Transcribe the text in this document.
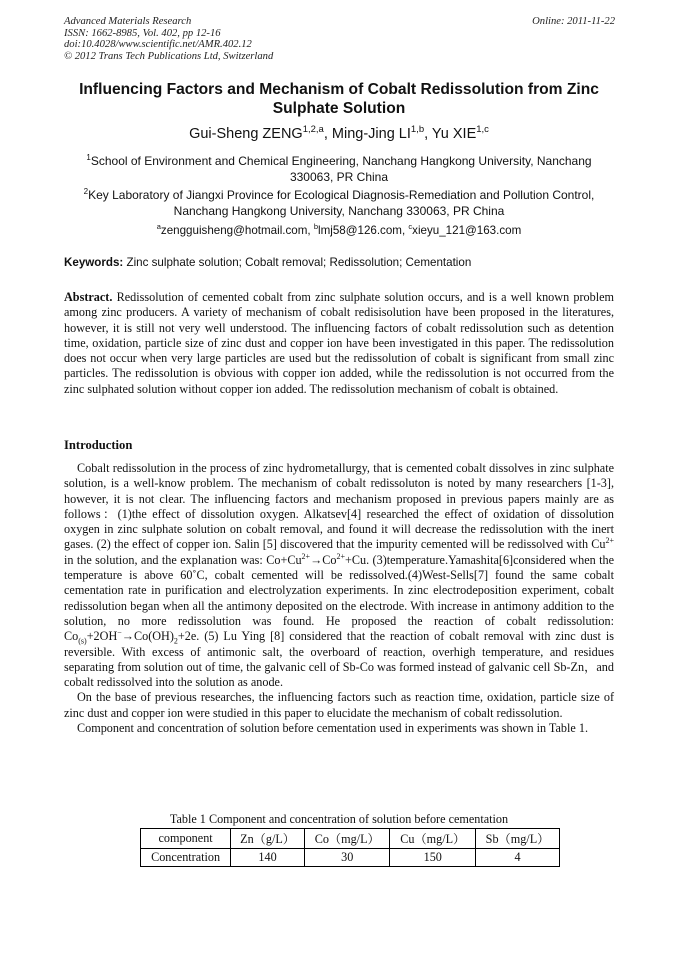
Advanced Materials Research
ISSN: 1662-8985, Vol. 402, pp 12-16
doi:10.4028/www.scientific.net/AMR.402.12
© 2012 Trans Tech Publications Ltd, Switzerland
Online: 2011-11-22
Influencing Factors and Mechanism of Cobalt Redissolution from Zinc Sulphate Solution
Gui-Sheng ZENG$^{1,2,a}$, Ming-Jing LI$^{1,b}$, Yu XIE$^{1,c}$
$^1$School of Environment and Chemical Engineering, Nanchang Hangkong University, Nanchang 330063, PR China
$^2$Key Laboratory of Jiangxi Province for Ecological Diagnosis-Remediation and Pollution Control, Nanchang Hangkong University, Nanchang 330063, PR China
$^a$zengguisheng@hotmail.com, $^b$lmj58@126.com, $^c$xieyu_121@163.com
Keywords: Zinc sulphate solution; Cobalt removal; Redissolution; Cementation
Abstract. Redissolution of cemented cobalt from zinc sulphate solution occurs, and is a well known problem among zinc producers. A variety of mechanism of cobalt redisisolution have been proposed in the literatures, however, it is still not very well understood. The influencing factors of cobalt redissolution such as detention time, oxidation, particle size of zinc dust and copper ion have been investigated in this paper. The redissolution does not occur when very large particles are used but the redissolution of cobalt is significant from small zinc particles. The redissolution is obvious with copper ion added, while the redissolution is not occurred from the zinc sulphated solution without copper ion added. The redissolution mechanism of cobalt is obtained.
Introduction

Cobalt redissolution in the process of zinc hydrometallurgy, that is cemented cobalt dissolves in zinc sulphate solution, is a well-know problem. The mechanism of cobalt redissoluton is noted by many researchers [1-3], however, it is not clear. The influencing factors and mechanism proposed in previous papers mainly are as follows：(1)the effect of dissolution oxygen. Alkatsev[4] researched the effect of oxidation of dissolution oxygen in zinc sulphate solution on cobalt removal, and found it will decrease the redissolution with the inert gases. (2) the effect of copper ion. Salin [5] discovered that the impurity cemented will be redissolved with $Cu^{2+}$ in the solution, and the explanation was: $Co+Cu^{2+}\to Co^{2+}+Cu$. (3)temperature.Yamashita[6]considered when the temperature is above 60˚C, cobalt cemented will be redissolved.(4)West-Sells[7] found the same cobalt cementation rate in purification and electrolyzation experiments. In zinc electrodeposition experiment, cobalt redissolution began when all the antimony deposited on the electrode. With increase in antimony addition to the solution, no more redissolution was found. He proposed the reaction of cobalt redissolution: $Co_{(s)}+2OH^-\to Co(OH)_2+2e$. (5) Lu Ying [8] considered that the reaction of cobalt removal with zinc dust is reversible. With excess of antimonic salt, the overboard of reaction, overhigh temperature, and residues separating from solution out of time, the galvanic cell of Sb-Co was formed instead of galvanic cell Sb-Zn，and cobalt redissolved into the solution as anode.

On the base of previous researches, the influencing factors such as reaction time, oxidation, particle size of zinc dust and copper ion were studied in this paper to elucidate the mechanism of cobalt redissolution.

Component and concentration of solution before cementation used in experiments was shown in Table 1.

Table 1 Component and concentration of solution before cementation
component	Zn（g/L）	Co（mg/L）	Cu（mg/L）	Sb（mg/L）
Concentration	140	30	150	4
